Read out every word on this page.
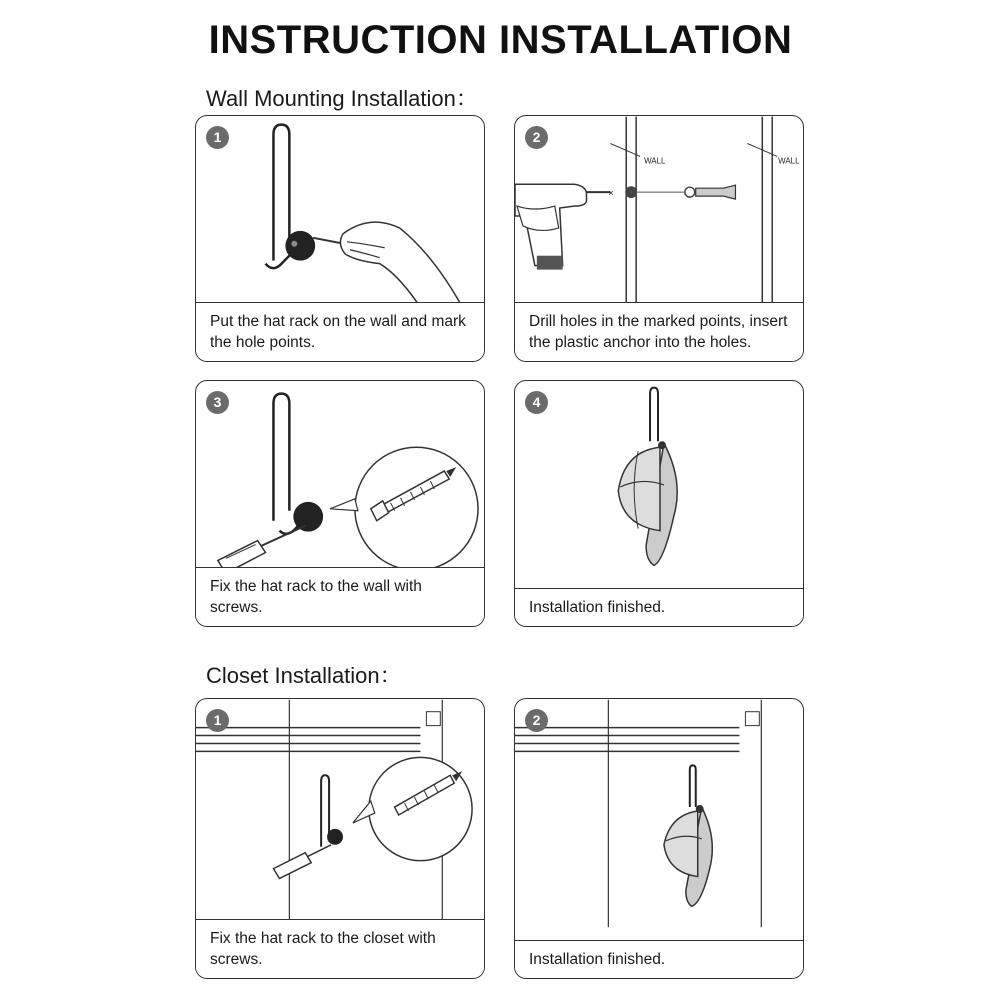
INSTRUCTION INSTALLATION
Wall Mounting Installation：
1
Put the hat rack on the wall and mark the hole points.
2
WALL	WALL
×
Drill holes in the marked points, insert the plastic anchor into the holes.
3
Fix the hat rack to the wall with screws.
4
Installation finished.
Closet Installation：
1
Fix the hat rack to the closet with screws.
2
Installation finished.
